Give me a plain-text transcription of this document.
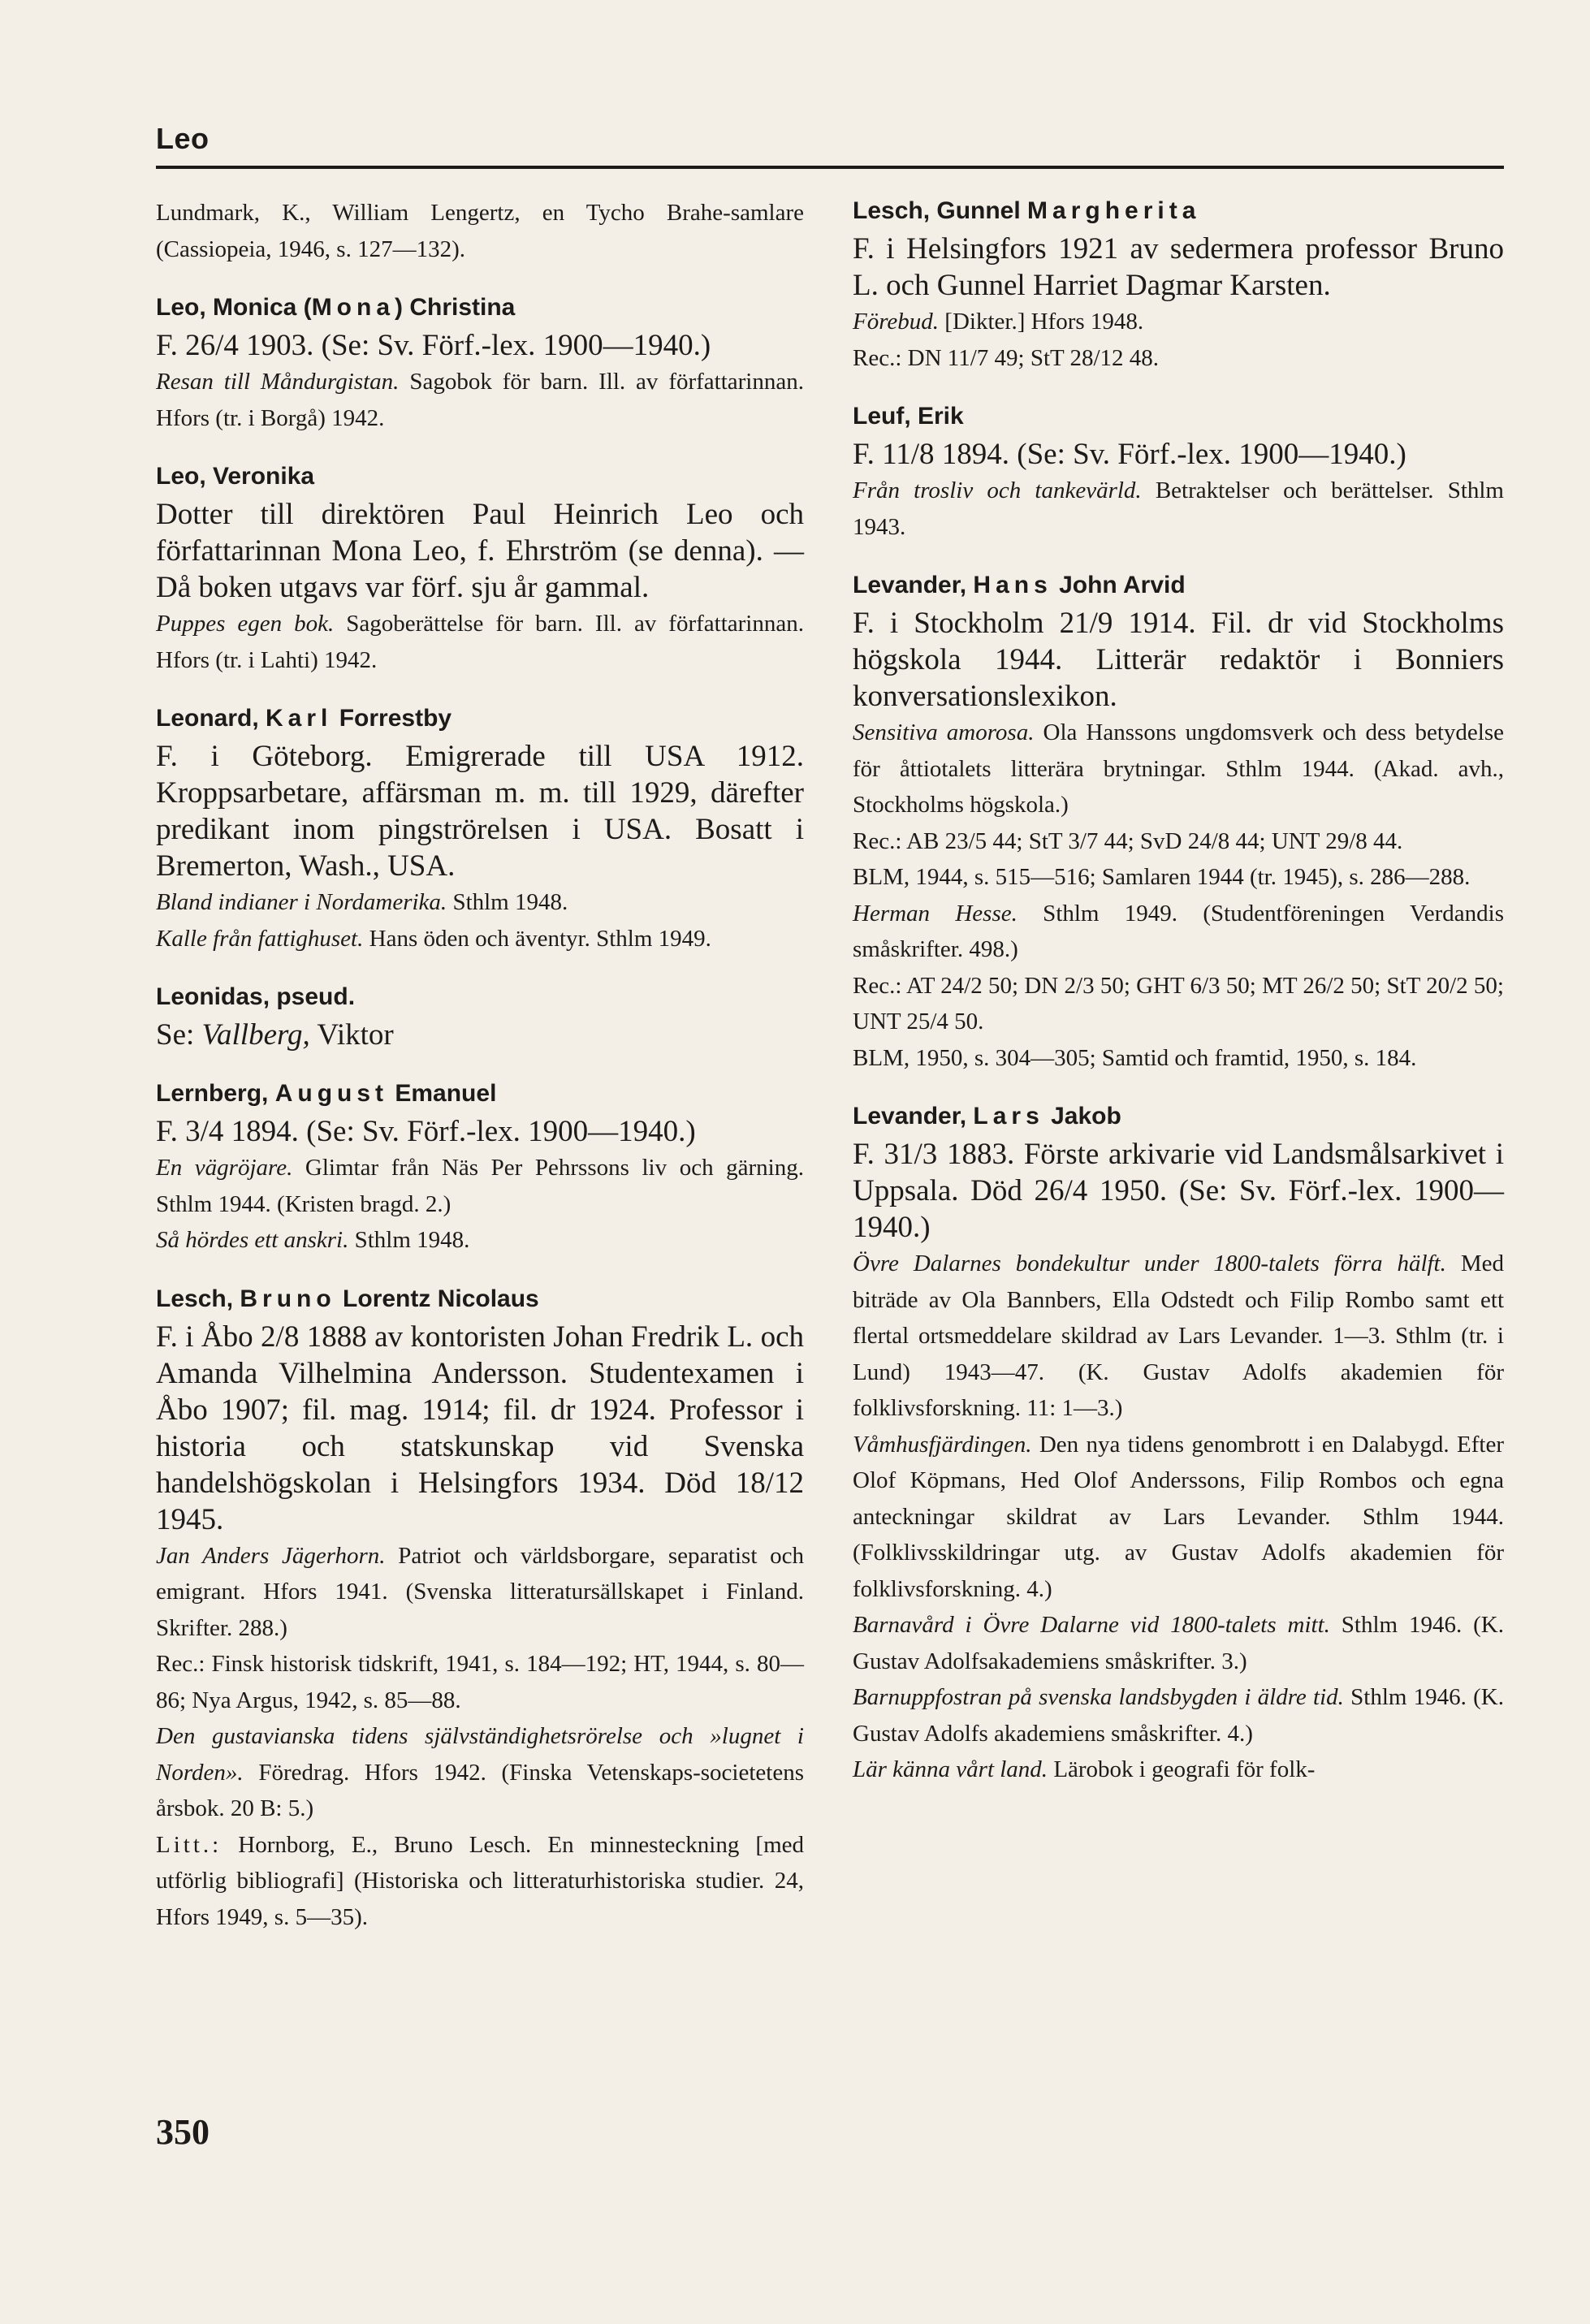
Leo

Lundmark, K., William Lengertz, en Tycho Brahe-samlare (Cassiopeia, 1946, s. 127—132).

Leo, Monica (Mona) Christina

F. 26/4 1903. (Se: Sv. Förf.-lex. 1900—1940.)

Resan till Måndurgistan. Sagobok för barn. Ill. av författarinnan. Hfors (tr. i Borgå) 1942.

Leo, Veronika

Dotter till direktören Paul Heinrich Leo och författarinnan Mona Leo, f. Ehrström (se denna). — Då boken utgavs var förf. sju år gammal.

Puppes egen bok. Sagoberättelse för barn. Ill. av författarinnan. Hfors (tr. i Lahti) 1942.

Leonard, Karl Forrestby

F. i Göteborg. Emigrerade till USA 1912. Kroppsarbetare, affärsman m. m. till 1929, därefter predikant inom pingströrelsen i USA. Bosatt i Bremerton, Wash., USA.

Bland indianer i Nordamerika. Sthlm 1948.

Kalle från fattighuset. Hans öden och äventyr. Sthlm 1949.

Leonidas, pseud.

Se: Vallberg, Viktor

Lernberg, August Emanuel

F. 3/4 1894. (Se: Sv. Förf.-lex. 1900—1940.)

En vägröjare. Glimtar från Näs Per Pehrssons liv och gärning. Sthlm 1944. (Kristen bragd. 2.)

Så hördes ett anskri. Sthlm 1948.

Lesch, Bruno Lorentz Nicolaus

F. i Åbo 2/8 1888 av kontoristen Johan Fredrik L. och Amanda Vilhelmina Andersson. Studentexamen i Åbo 1907; fil. mag. 1914; fil. dr 1924. Professor i historia och statskunskap vid Svenska handelshögskolan i Helsingfors 1934. Död 18/12 1945.

Jan Anders Jägerhorn. Patriot och världsborgare, separatist och emigrant. Hfors 1941. (Svenska litteratursällskapet i Finland. Skrifter. 288.)

Rec.: Finsk historisk tidskrift, 1941, s. 184—192; HT, 1944, s. 80—86; Nya Argus, 1942, s. 85—88.

Den gustavianska tidens självständighetsrörelse och »lugnet i Norden». Föredrag. Hfors 1942. (Finska Vetenskaps-societetens årsbok. 20 B: 5.)

Litt.: Hornborg, E., Bruno Lesch. En minnesteckning [med utförlig bibliografi] (Historiska och litteraturhistoriska studier. 24, Hfors 1949, s. 5—35).

Lesch, Gunnel Margherita

F. i Helsingfors 1921 av sedermera professor Bruno L. och Gunnel Harriet Dagmar Karsten.

Förebud. [Dikter.] Hfors 1948.

Rec.: DN 11/7 49; StT 28/12 48.

Leuf, Erik

F. 11/8 1894. (Se: Sv. Förf.-lex. 1900—1940.)

Från trosliv och tankevärld. Betraktelser och berättelser. Sthlm 1943.

Levander, Hans John Arvid

F. i Stockholm 21/9 1914. Fil. dr vid Stockholms högskola 1944. Litterär redaktör i Bonniers konversationslexikon.

Sensitiva amorosa. Ola Hanssons ungdomsverk och dess betydelse för åttiotalets litterära brytningar. Sthlm 1944. (Akad. avh., Stockholms högskola.)

Rec.: AB 23/5 44; StT 3/7 44; SvD 24/8 44; UNT 29/8 44.

BLM, 1944, s. 515—516; Samlaren 1944 (tr. 1945), s. 286—288.

Herman Hesse. Sthlm 1949. (Studentföreningen Verdandis småskrifter. 498.)

Rec.: AT 24/2 50; DN 2/3 50; GHT 6/3 50; MT 26/2 50; StT 20/2 50; UNT 25/4 50.

BLM, 1950, s. 304—305; Samtid och framtid, 1950, s. 184.

Levander, Lars Jakob

F. 31/3 1883. Förste arkivarie vid Landsmålsarkivet i Uppsala. Död 26/4 1950. (Se: Sv. Förf.-lex. 1900—1940.)

Övre Dalarnes bondekultur under 1800-talets förra hälft. Med biträde av Ola Bannbers, Ella Odstedt och Filip Rombo samt ett flertal ortsmeddelare skildrad av Lars Levander. 1—3. Sthlm (tr. i Lund) 1943—47. (K. Gustav Adolfs akademien för folklivsforskning. 11: 1—3.)

Våmhusfjärdingen. Den nya tidens genombrott i en Dalabygd. Efter Olof Köpmans, Hed Olof Anderssons, Filip Rombos och egna anteckningar skildrat av Lars Levander. Sthlm 1944. (Folklivsskildringar utg. av Gustav Adolfs akademien för folklivsforskning. 4.)

Barnavård i Övre Dalarne vid 1800-talets mitt. Sthlm 1946. (K. Gustav Adolfsakademiens småskrifter. 3.)

Barnuppfostran på svenska landsbygden i äldre tid. Sthlm 1946. (K. Gustav Adolfs akademiens småskrifter. 4.)

Lär känna vårt land. Lärobok i geografi för folk-

350
